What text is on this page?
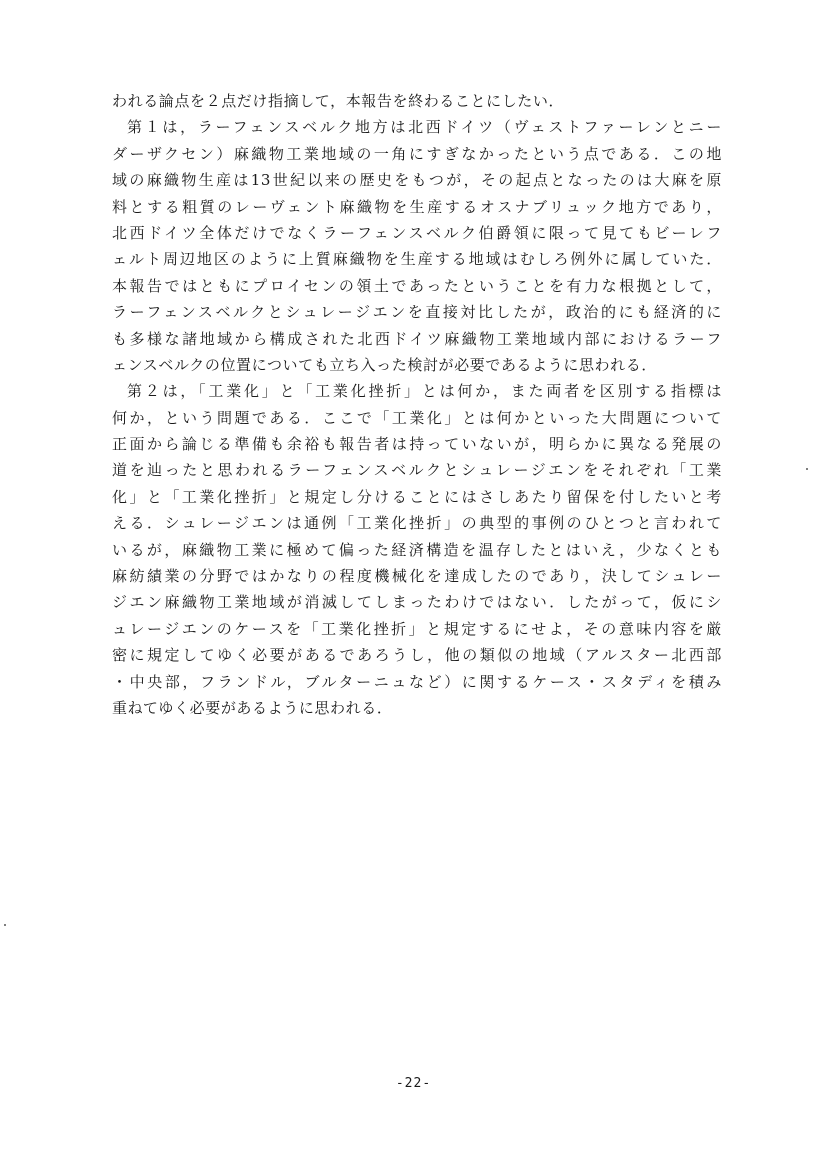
われる論点を２点だけ指摘して，本報告を終わることにしたい．
第１は，ラーフェンスベルク地方は北西ドイツ（ヴェストファーレンとニー
ダーザクセン）麻織物工業地域の一角にすぎなかったという点である．この地
域の麻織物生産は13世紀以来の歴史をもつが，その起点となったのは大麻を原
料とする粗質のレーヴェント麻織物を生産するオスナブリュック地方であり，
北西ドイツ全体だけでなくラーフェンスベルク伯爵領に限って見てもビーレフ
ェルト周辺地区のように上質麻織物を生産する地域はむしろ例外に属していた．
本報告ではともにプロイセンの領土であったということを有力な根拠として，
ラーフェンスベルクとシュレージエンを直接対比したが，政治的にも経済的に
も多様な諸地域から構成された北西ドイツ麻織物工業地域内部におけるラーフ
ェンスベルクの位置についても立ち入った検討が必要であるように思われる．
第２は，「工業化」と「工業化挫折」とは何か，また両者を区別する指標は
何か，という問題である．ここで「工業化」とは何かといった大問題について
正面から論じる準備も余裕も報告者は持っていないが，明らかに異なる発展の
道を辿ったと思われるラーフェンスベルクとシュレージエンをそれぞれ「工業
化」と「工業化挫折」と規定し分けることにはさしあたり留保を付したいと考
える．シュレージエンは通例「工業化挫折」の典型的事例のひとつと言われて
いるが，麻織物工業に極めて偏った経済構造を温存したとはいえ，少なくとも
麻紡績業の分野ではかなりの程度機械化を達成したのであり，決してシュレー
ジエン麻織物工業地域が消滅してしまったわけではない．したがって，仮にシ
ュレージエンのケースを「工業化挫折」と規定するにせよ，その意味内容を厳
密に規定してゆく必要があるであろうし，他の類似の地域（アルスター北西部
・中央部，フランドル，ブルターニュなど）に関するケース・スタディを積み
重ねてゆく必要があるように思われる．
-22-
